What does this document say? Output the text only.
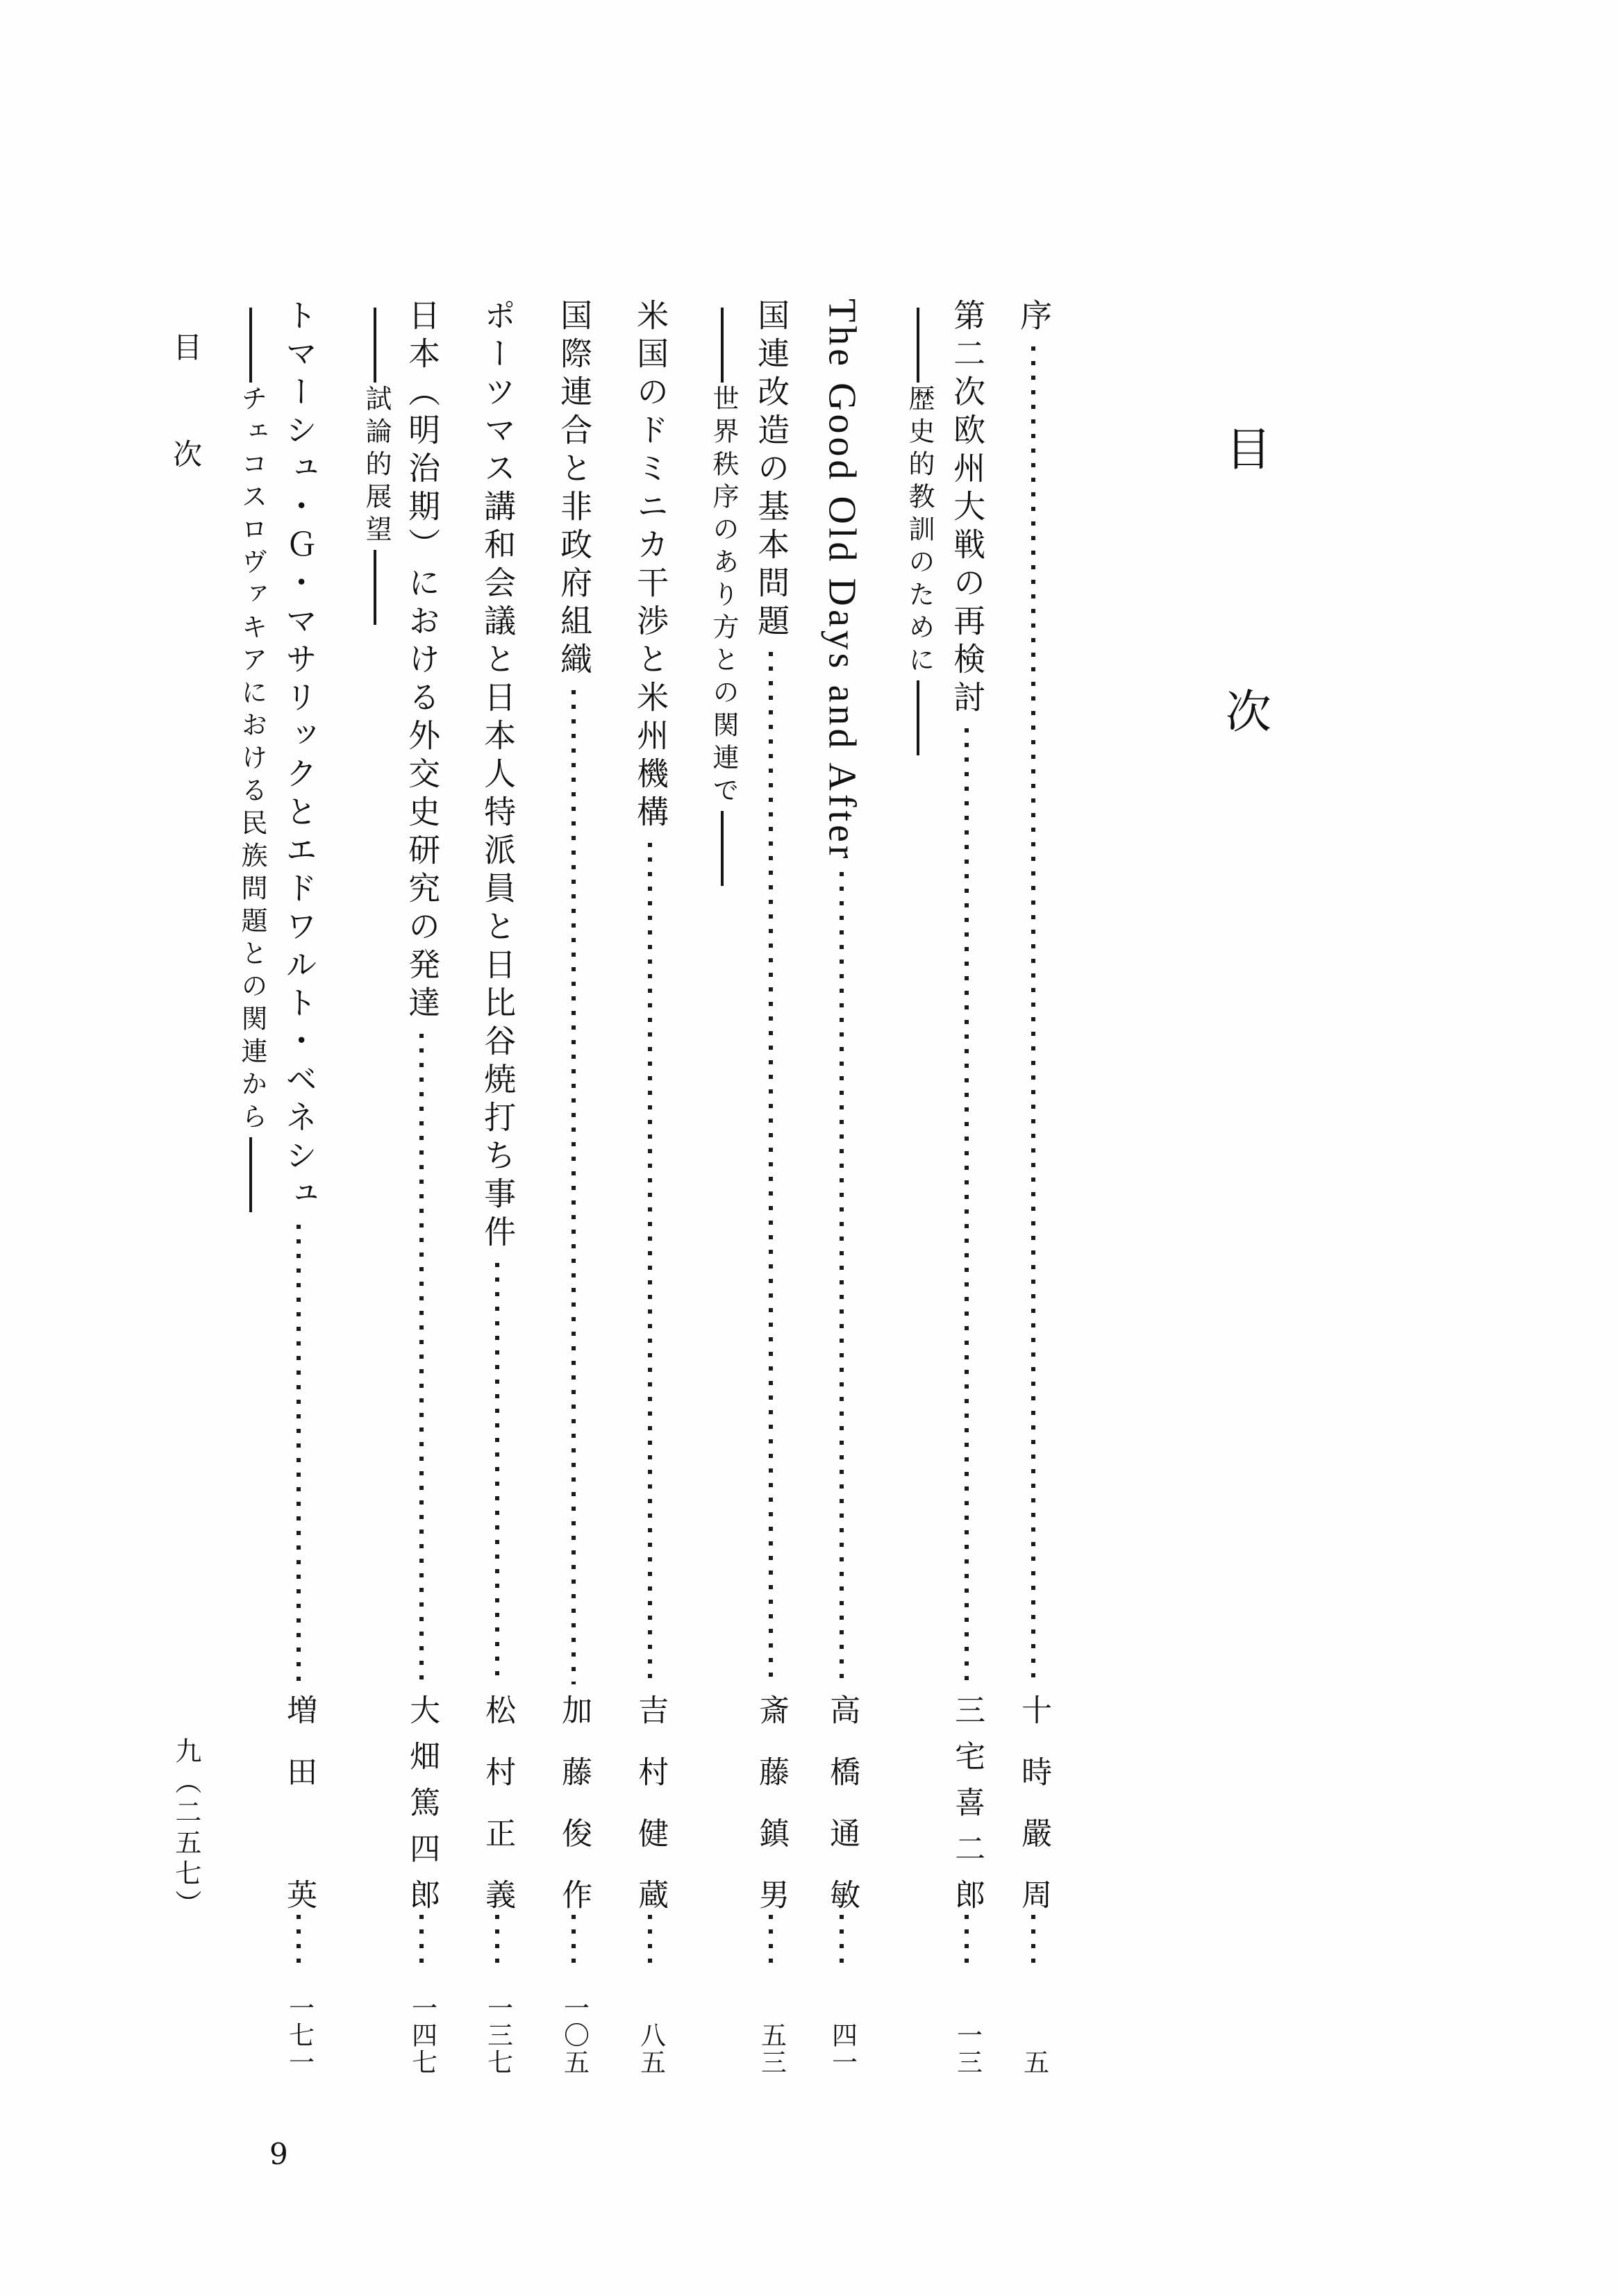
目次
目次
九（二五七）
9
序
十時嚴周
五
第二次欧州大戦の再検討
三宅喜二郎
一三
歴史的教訓のために
The Good Old Days and After
高橋通敏
四一
国連改造の基本問題
斎藤鎮男
五三
世界秩序のあり方との関連で
米国のドミニカ干渉と米州機構
吉村健蔵
八五
国際連合と非政府組織
加藤俊作
一〇五
ポーツマス講和会議と日本人特派員と日比谷焼打ち事件
松村正義
一三七
日本（明治期）における外交史研究の発達
大畑篤四郎
一四七
試論的展望
トマーシュ・Ｇ・マサリックとエドワルト・ベネシュ
増田　英
一七一
チェコスロヴァキアにおける民族問題との関連から
